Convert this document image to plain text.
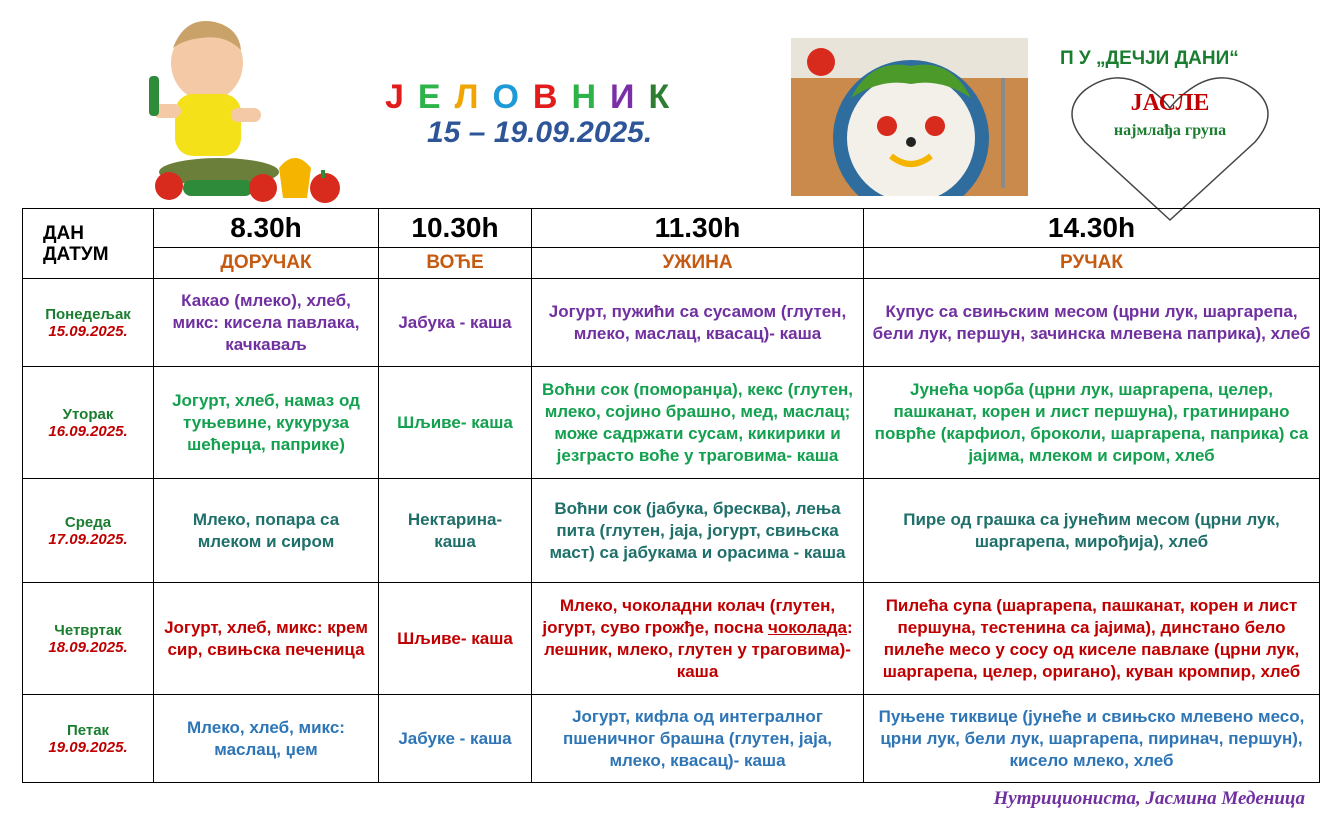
ЈЕЛОВНИК
15 – 19.09.2025.
П У „ДЕЧЈИ ДАНИ“
ЈАСЛЕ
најмлађа група
ДАН
ДАТУМ	8.30h	10.30h	11.30h	14.30h
	ДОРУЧАК	ВОЋЕ	УЖИНА	РУЧАК

Понедељак
15.09.2025.	Какао (млеко), хлеб, микс: кисела павлака, качкаваљ	Јабука - каша	Јогурт, пужићи са сусамом (глутен, млеко, маслац, квасац)- каша	Купус са свињским месом (црни лук, шаргарепа, бели лук, першун, зачинска млевена паприка), хлеб

Уторак
16.09.2025.	Јогурт, хлеб, намаз од туњевине, кукуруза шећерца, паприке)	Шљиве- каша	Воћни сок (поморанџа), кекс (глутен, млеко, сојино брашно, мед, маслац; може садржати сусам, кикирики и језграсто воће у траговима- каша	Јунећа чорба (црни лук, шаргарепа, целер, пашканат, корен и лист першуна), гратинирано поврће (карфиол, броколи, шаргарепа, паприка) са јајима, млеком и сиром, хлеб

Среда
17.09.2025.	Млеко, попара са млеком и сиром	Нектарина- каша	Воћни сок (јабука, бресква), лења пита (глутен, јаја, јогурт, свињска маст) са јабукама и орасима - каша	Пире од грашка са јунећим месом (црни лук, шаргарепа, мирођија), хлеб

Четвртак
18.09.2025.	Јогурт, хлеб, микс: крем сир, свињска печеница	Шљиве- каша	Млеко, чоколадни колач (глутен, јогурт, суво грожђе, посна чоколада: лешник, млеко, глутен у траговима)- каша	Пилећа супа (шаргарепа, пашканат, корен и лист першуна, тестенина са јајима), динстано бело пилеће месо у сосу од киселе павлаке (црни лук, шаргарепа, целер, оригано), куван кромпир, хлеб

Петак
19.09.2025.	Млеко, хлеб, микс: маслац, џем	Јабуке - каша	Јогурт, кифла од интегралног пшеничног брашна (глутен, јаја, млеко, квасац)- каша	Пуњене тиквице (јунеће и свињско млевено месо, црни лук, бели лук, шаргарепа, пиринач, першун), кисело млеко, хлеб
Нутриционистa, Јасмина Меденица
